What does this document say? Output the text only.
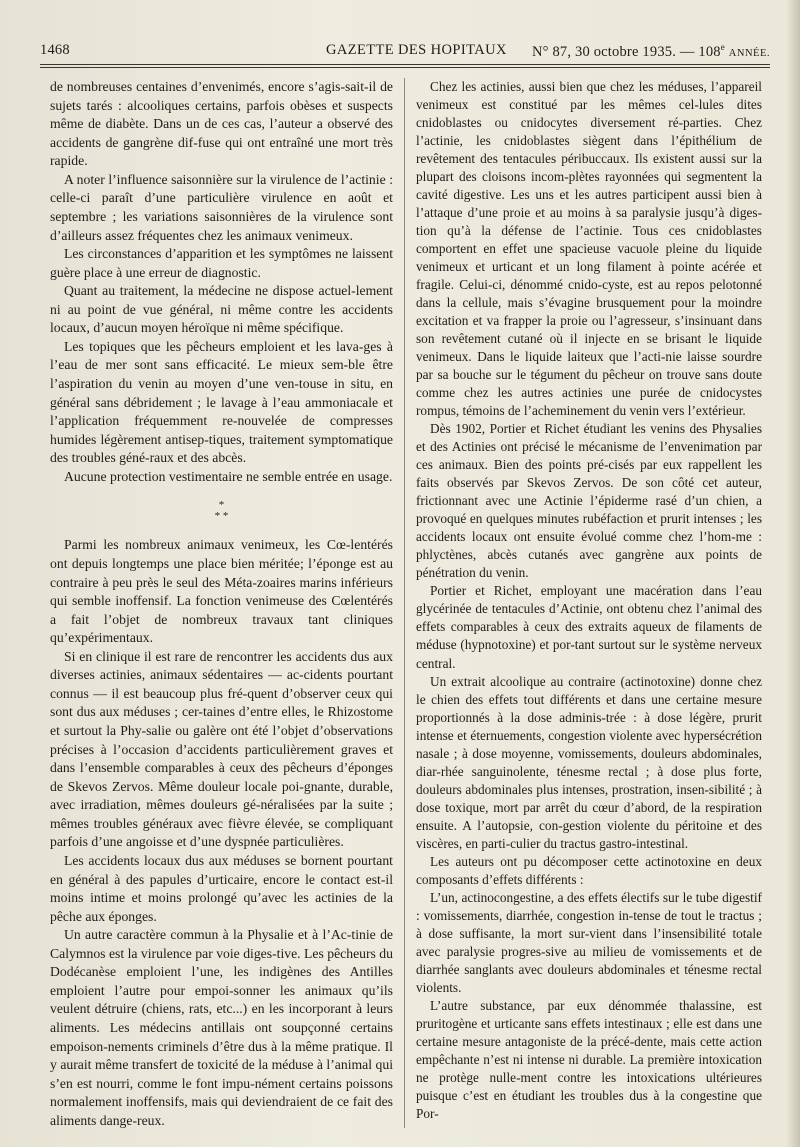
1468	GAZETTE DES HOPITAUX N° 87, 30 octobre 1935. — 108e ANNÉE.

de nombreuses centaines d’envenimés, encore s’agis-sait-il de sujets tarés : alcooliques certains, parfois obèses et suspects même de diabète. Dans un de ces cas, l’auteur a observé des accidents de gangrène dif-fuse qui ont entraîné une mort très rapide.

A noter l’influence saisonnière sur la virulence de l’actinie : celle-ci paraît d’une particulière virulence en août et septembre ; les variations saisonnières de la virulence sont d’ailleurs assez fréquentes chez les animaux venimeux.

Les circonstances d’apparition et les symptômes ne laissent guère place à une erreur de diagnostic.

Quant au traitement, la médecine ne dispose actuel-lement ni au point de vue général, ni même contre les accidents locaux, d’aucun moyen héroïque ni même spécifique.

Les topiques que les pêcheurs emploient et les lava-ges à l’eau de mer sont sans efficacité. Le mieux sem-ble être l’aspiration du venin au moyen d’une ven-touse in situ, en général sans débridement ; le lavage à l’eau ammoniacale et l’application fréquemment re-nouvelée de compresses humides légèrement antisep-tiques, traitement symptomatique des troubles géné-raux et des abcès.

Aucune protection vestimentaire ne semble entrée en usage.

*
* *

Parmi les nombreux animaux venimeux, les Cœ-lentérés ont depuis longtemps une place bien méritée; l’éponge est au contraire à peu près le seul des Méta-zoaires marins inférieurs qui semble inoffensif. La fonction venimeuse des Cœlentérés a fait l’objet de nombreux travaux tant cliniques qu’expérimentaux.

Si en clinique il est rare de rencontrer les accidents dus aux diverses actinies, animaux sédentaires — ac-cidents pourtant connus — il est beaucoup plus fré-quent d’observer ceux qui sont dus aux méduses ; cer-taines d’entre elles, le Rhizostome et surtout la Phy-salie ou galère ont été l’objet d’observations précises à l’occasion d’accidents particulièrement graves et dans l’ensemble comparables à ceux des pêcheurs d’éponges de Skevos Zervos. Même douleur locale poi-gnante, durable, avec irradiation, mêmes douleurs gé-néralisées par la suite ; mêmes troubles généraux avec fièvre élevée, se compliquant parfois d’une angoisse et d’une dyspnée particulières.

Les accidents locaux dus aux méduses se bornent pourtant en général à des papules d’urticaire, encore le contact est-il moins intime et moins prolongé qu’avec les actinies de la pêche aux éponges.

Un autre caractère commun à la Physalie et à l’Ac-tinie de Calymnos est la virulence par voie diges-tive. Les pêcheurs du Dodécanèse emploient l’une, les indigènes des Antilles emploient l’autre pour empoi-sonner les animaux qu’ils veulent détruire (chiens, rats, etc...) en les incorporant à leurs aliments. Les médecins antillais ont soupçonné certains empoison-nements criminels d’être dus à la même pratique. Il y aurait même transfert de toxicité de la méduse à l’animal qui s’en est nourri, comme le font impu-nément certains poissons normalement inoffensifs, mais qui deviendraient de ce fait des aliments dange-reux.

Chez les actinies, aussi bien que chez les méduses, l’appareil venimeux est constitué par les mêmes cel-lules dites cnidoblastes ou cnidocytes diversement ré-parties. Chez l’actinie, les cnidoblastes siègent dans l’épithélium de revêtement des tentacules péribuccaux. Ils existent aussi sur la plupart des cloisons incom-plètes rayonnées qui segmentent la cavité digestive. Les uns et les autres participent aussi bien à l’attaque d’une proie et au moins à sa paralysie jusqu’à diges-tion qu’à la défense de l’actinie. Tous ces cnidoblastes comportent en effet une spacieuse vacuole pleine du liquide venimeux et urticant et un long filament à pointe acérée et fragile. Celui-ci, dénommé cnido-cyste, est au repos pelotonné dans la cellule, mais s’évagine brusquement pour la moindre excitation et va frapper la proie ou l’agresseur, s’insinuant dans son revêtement cutané où il injecte en se brisant le liquide venimeux. Dans le liquide laiteux que l’acti-nie laisse sourdre par sa bouche sur le tégument du pêcheur on trouve sans doute comme chez les autres actinies une purée de cnidocystes rompus, témoins de l’acheminement du venin vers l’extérieur.

Dès 1902, Portier et Richet étudiant les venins des Physalies et des Actinies ont précisé le mécanisme de l’envenimation par ces animaux. Bien des points pré-cisés par eux rappellent les faits observés par Skevos Zervos. De son côté cet auteur, frictionnant avec une Actinie l’épiderme rasé d’un chien, a provoqué en quelques minutes rubéfaction et prurit intenses ; les accidents locaux ont ensuite évolué comme chez l’hom-me : phlyctènes, abcès cutanés avec gangrène aux points de pénétration du venin.

Portier et Richet, employant une macération dans l’eau glycérinée de tentacules d’Actinie, ont obtenu chez l’animal des effets comparables à ceux des extraits aqueux de filaments de méduse (hypnotoxine) et por-tant surtout sur le système nerveux central.

Un extrait alcoolique au contraire (actinotoxine) donne chez le chien des effets tout différents et dans une certaine mesure proportionnés à la dose adminis-trée : à dose légère, prurit intense et éternuements, congestion violente avec hypersécrétion nasale ; à dose moyenne, vomissements, douleurs abdominales, diar-rhée sanguinolente, ténesme rectal ; à dose plus forte, douleurs abdominales plus intenses, prostration, insen-sibilité ; à dose toxique, mort par arrêt du cœur d’abord, de la respiration ensuite. A l’autopsie, con-gestion violente du péritoine et des viscères, en parti-culier du tractus gastro-intestinal.

Les auteurs ont pu décomposer cette actinotoxine en deux composants d’effets différents :

L’un, actinocongestine, a des effets électifs sur le tube digestif : vomissements, diarrhée, congestion in-tense de tout le tractus ; à dose suffisante, la mort sur-vient dans l’insensibilité totale avec paralysie progres-sive au milieu de vomissements et de diarrhée sanglants avec douleurs abdominales et ténesme rectal violents.

L’autre substance, par eux dénommée thalassine, est pruritogène et urticante sans effets intestinaux ; elle est dans une certaine mesure antagoniste de la précé-dente, mais cette action empêchante n’est ni intense ni durable. La première intoxication ne protège nulle-ment contre les intoxications ultérieures puisque c’est en étudiant les troubles dus à la congestine que Por-
